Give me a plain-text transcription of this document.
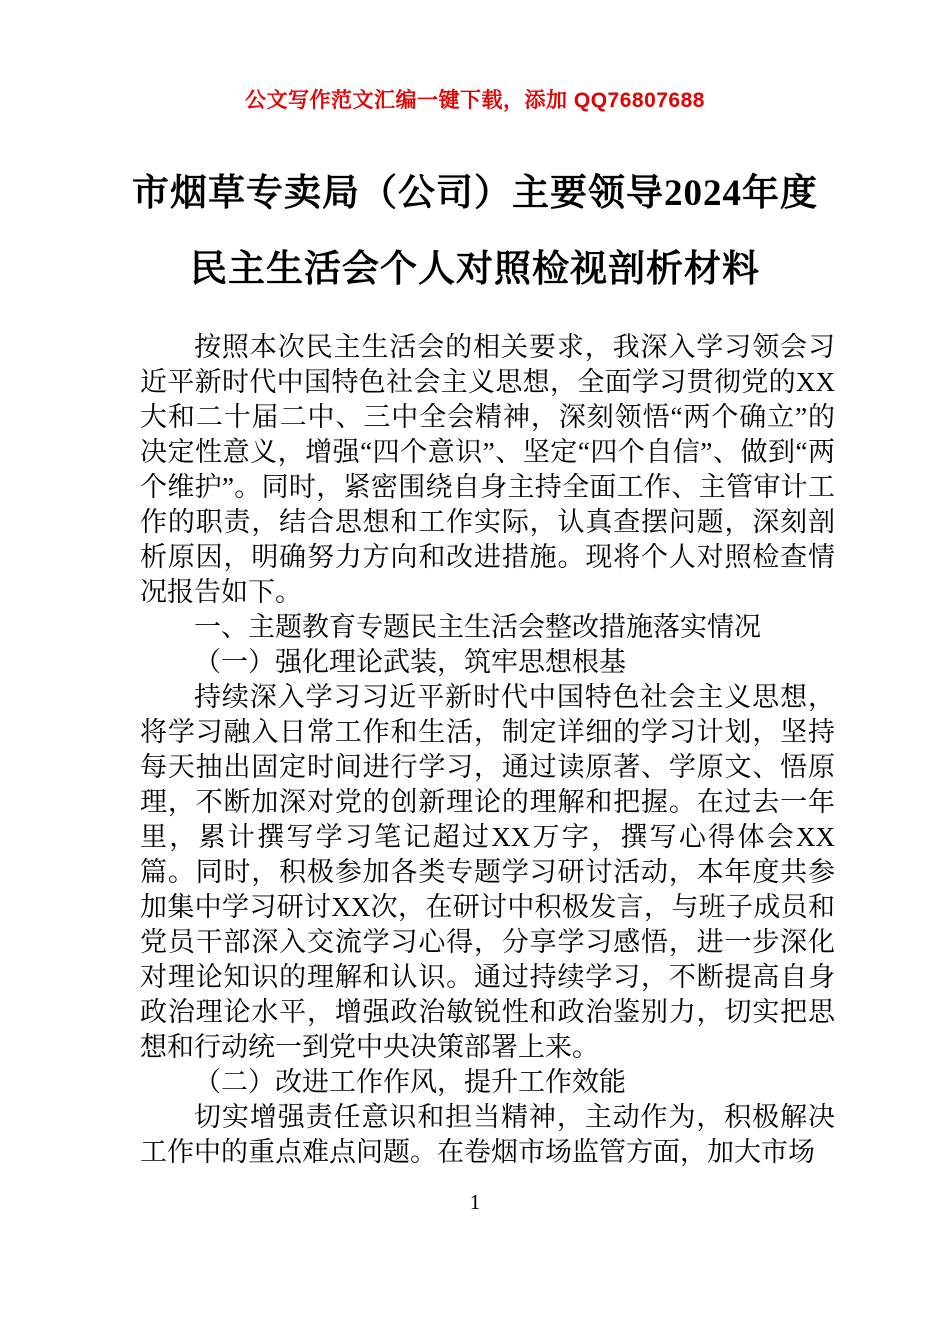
公文写作范文汇编一键下载，添加 QQ76807688
市烟草专卖局（公司）主要领导2024年度
民主生活会个人对照检视剖析材料

按照本次民主生活会的相关要求，我深入学习领会习近平新时代中国特色社会主义思想，全面学习贯彻党的XX大和二十届二中、三中全会精神，深刻领悟“两个确立”的决定性意义，增强“四个意识”、坚定“四个自信”、做到“两个维护”。同时，紧密围绕自身主持全面工作、主管审计工作的职责，结合思想和工作实际，认真查摆问题，深刻剖析原因，明确努力方向和改进措施。现将个人对照检查情况报告如下。

一、主题教育专题民主生活会整改措施落实情况

（一）强化理论武装，筑牢思想根基

持续深入学习习近平新时代中国特色社会主义思想，将学习融入日常工作和生活，制定详细的学习计划，坚持每天抽出固定时间进行学习，通过读原著、学原文、悟原理，不断加深对党的创新理论的理解和把握。在过去一年里，累计撰写学习笔记超过XX万字，撰写心得体会XX篇。同时，积极参加各类专题学习研讨活动，本年度共参加集中学习研讨XX次，在研讨中积极发言，与班子成员和党员干部深入交流学习心得，分享学习感悟，进一步深化对理论知识的理解和认识。通过持续学习，不断提高自身政治理论水平，增强政治敏锐性和政治鉴别力，切实把思想和行动统一到党中央决策部署上来。

（二）改进工作作风，提升工作效能

切实增强责任意识和担当精神，主动作为，积极解决工作中的重点难点问题。在卷烟市场监管方面，加大市场

1
